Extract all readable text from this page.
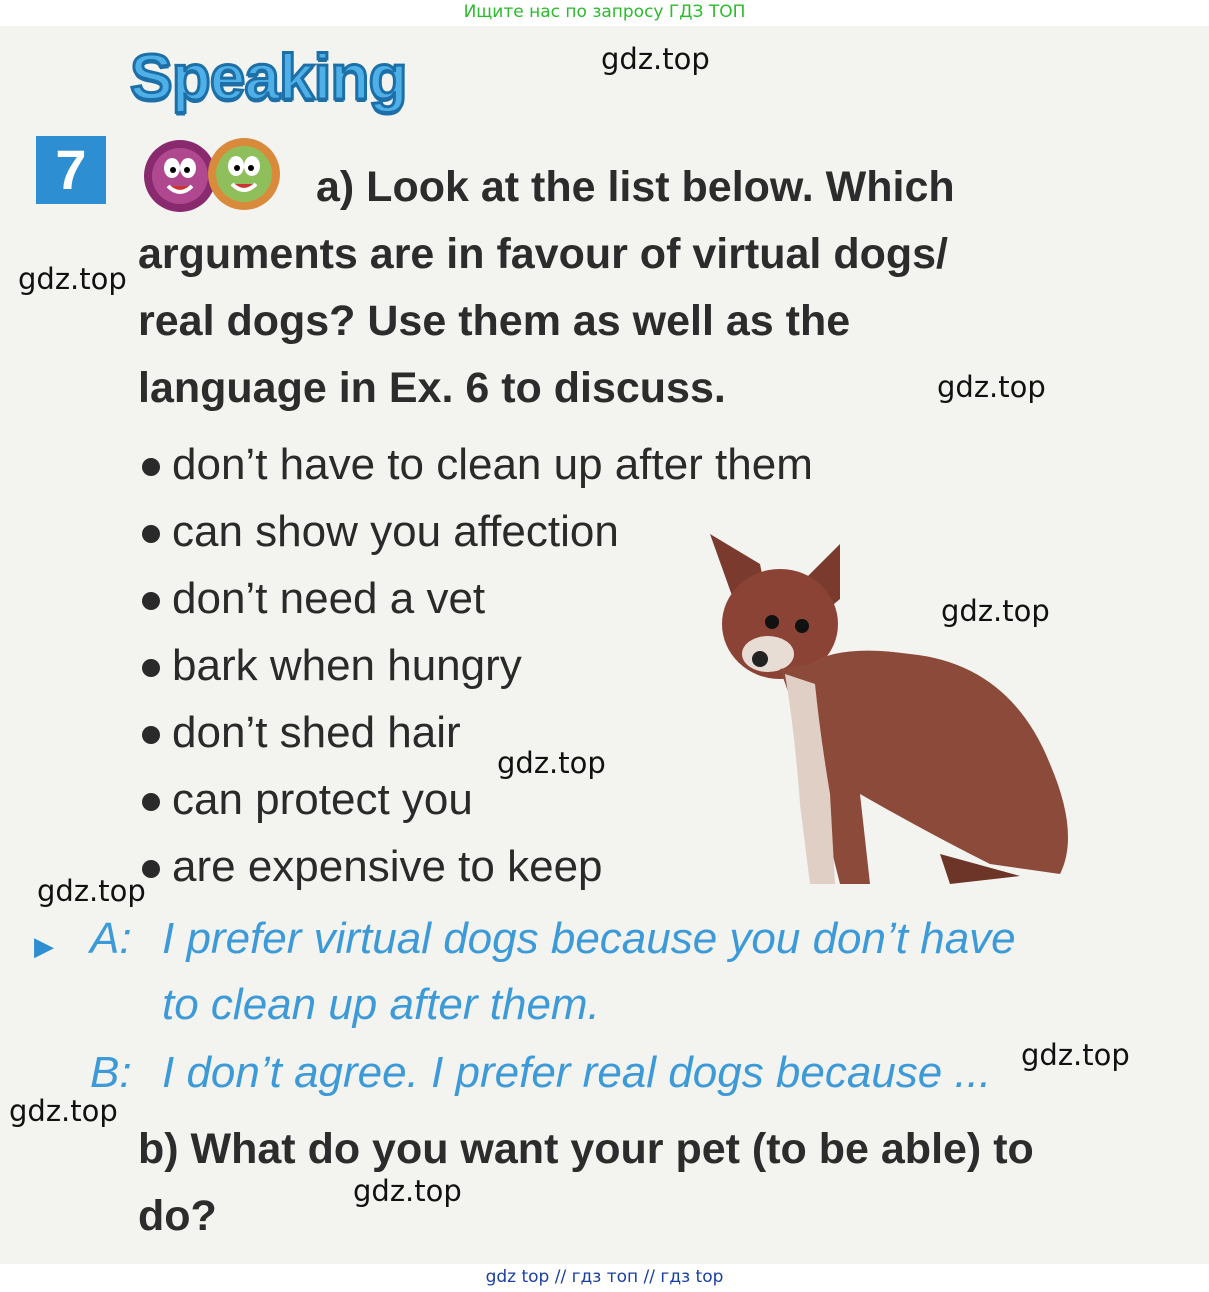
Ищите нас по запросу ГДЗ ТОП
Speaking
7	a) Look at the list below. Which arguments are in favour of virtual dogs/ real dogs? Use them as well as the language in Ex. 6 to discuss.
don’t have to clean up after them
can show you affection
don’t need a vet
bark when hungry
don’t shed hair
can protect you
are expensive to keep
▶ A: I prefer virtual dogs because you don’t have
to clean up after them.
B: I don’t agree. I prefer real dogs because ...
b) What do you want your pet (to be able) to do?
gdz.top
gdz.top
gdz.top
gdz.top
gdz.top
gdz.top
gdz.top
gdz.top
gdz.top
gdz top // гдз топ // гдз top
